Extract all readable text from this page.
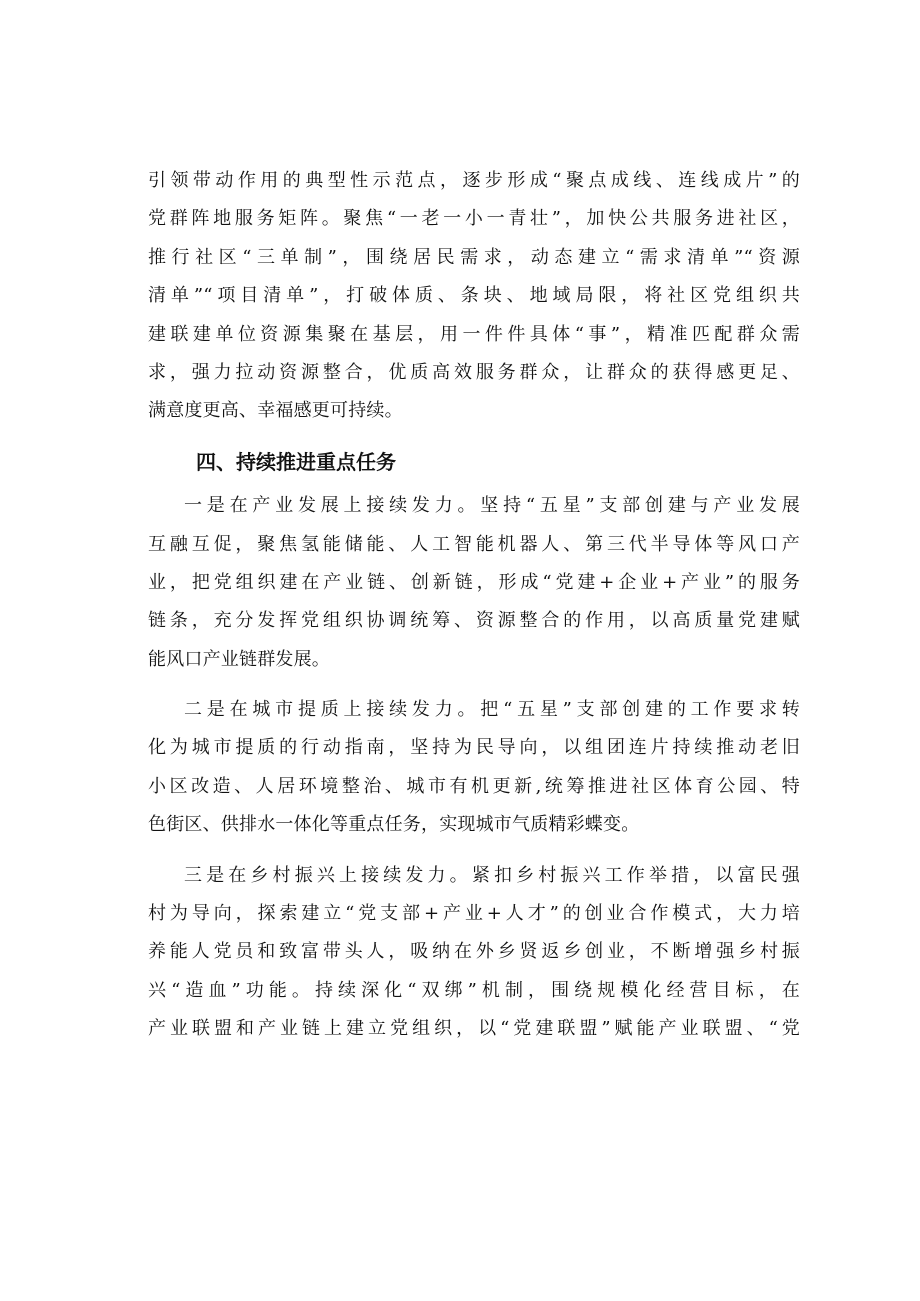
引领带动作用的典型性示范点，逐步形成“聚点成线、连线成片”的
党群阵地服务矩阵。聚焦“一老一小一青壮”，加快公共服务进社区，
推行社区“三单制”，围绕居民需求，动态建立“需求清单”“资源
清单”“项目清单”，打破体质、条块、地域局限，将社区党组织共
建联建单位资源集聚在基层，用一件件具体“事”，精准匹配群众需
求，强力拉动资源整合，优质高效服务群众，让群众的获得感更足、
满意度更高、幸福感更可持续。
四、持续推进重点任务
一是在产业发展上接续发力。坚持“五星”支部创建与产业发展
互融互促，聚焦氢能储能、人工智能机器人、第三代半导体等风口产
业，把党组织建在产业链、创新链，形成“党建+企业+产业”的服务
链条，充分发挥党组织协调统筹、资源整合的作用，以高质量党建赋
能风口产业链群发展。
二是在城市提质上接续发力。把“五星”支部创建的工作要求转
化为城市提质的行动指南，坚持为民导向，以组团连片持续推动老旧
小区改造、人居环境整治、城市有机更新,统筹推进社区体育公园、特
色街区、供排水一体化等重点任务，实现城市气质精彩蝶变。
三是在乡村振兴上接续发力。紧扣乡村振兴工作举措，以富民强
村为导向，探索建立“党支部+产业+人才”的创业合作模式，大力培
养能人党员和致富带头人，吸纳在外乡贤返乡创业，不断增强乡村振
兴“造血”功能。持续深化“双绑”机制，围绕规模化经营目标，在
产业联盟和产业链上建立党组织，以“党建联盟”赋能产业联盟、“党
